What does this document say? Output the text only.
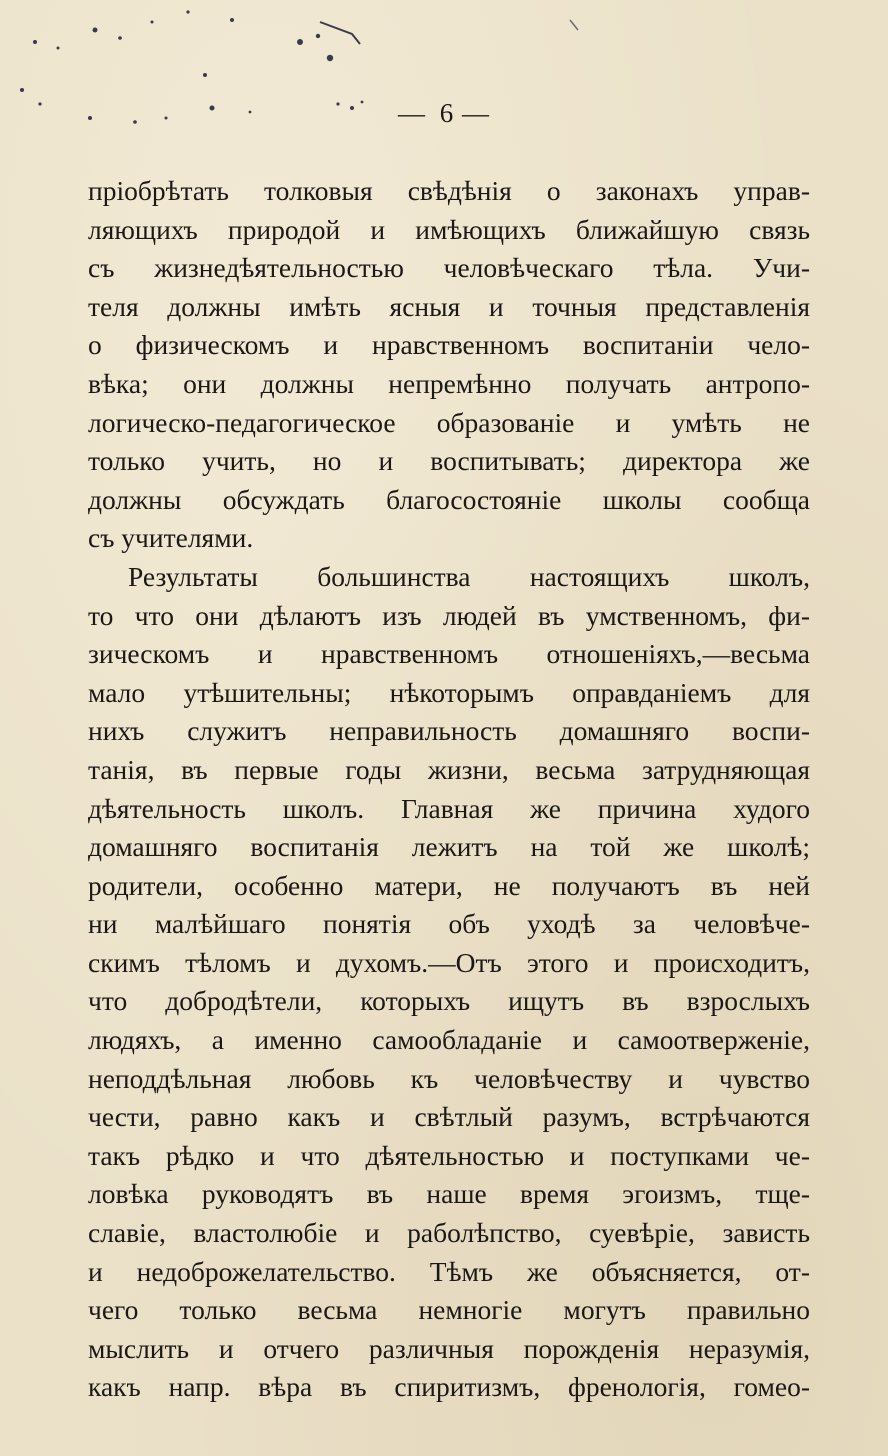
— 6 —
пріобрѣтать толковыя свѣдѣнія о законахъ управ-
ляющихъ природой и имѣющихъ ближайшую связь
съ жизнедѣятельностью человѣческаго тѣла. Учи-
теля должны имѣть ясныя и точныя представленія
о физическомъ и нравственномъ воспитаніи чело-
вѣка; они должны непремѣнно получать антропо-
логическо-педагогическое образованіе и умѣть не
только учить, но и воспитывать; директора же
должны обсуждать благосостояніе школы сообща
съ учителями.
Результаты большинства настоящихъ школъ,
то что они дѣлаютъ изъ людей въ умственномъ, фи-
зическомъ и нравственномъ отношеніяхъ,—весьма
мало утѣшительны; нѣкоторымъ оправданіемъ для
нихъ служитъ неправильность домашняго воспи-
танія, въ первые годы жизни, весьма затрудняющая
дѣятельность школъ. Главная же причина худого
домашняго воспитанія лежитъ на той же школѣ;
родители, особенно матери, не получаютъ въ ней
ни малѣйшаго понятія объ уходѣ за человѣче-
скимъ тѣломъ и духомъ.—Отъ этого и происходитъ,
что добродѣтели, которыхъ ищутъ въ взрослыхъ
людяхъ, а именно самообладаніе и самоотверженіе,
неподдѣльная любовь къ человѣчеству и чувство
чести, равно какъ и свѣтлый разумъ, встрѣчаются
такъ рѣдко и что дѣятельностью и поступками че-
ловѣка руководятъ въ наше время эгоизмъ, тще-
славіе, властолюбіе и раболѣпство, суевѣріе, зависть
и недоброжелательство. Тѣмъ же объясняется, от-
чего только весьма немногіе могутъ правильно
мыслить и отчего различныя порожденія неразумія,
какъ напр. вѣра въ спиритизмъ, френологія, гомео-
